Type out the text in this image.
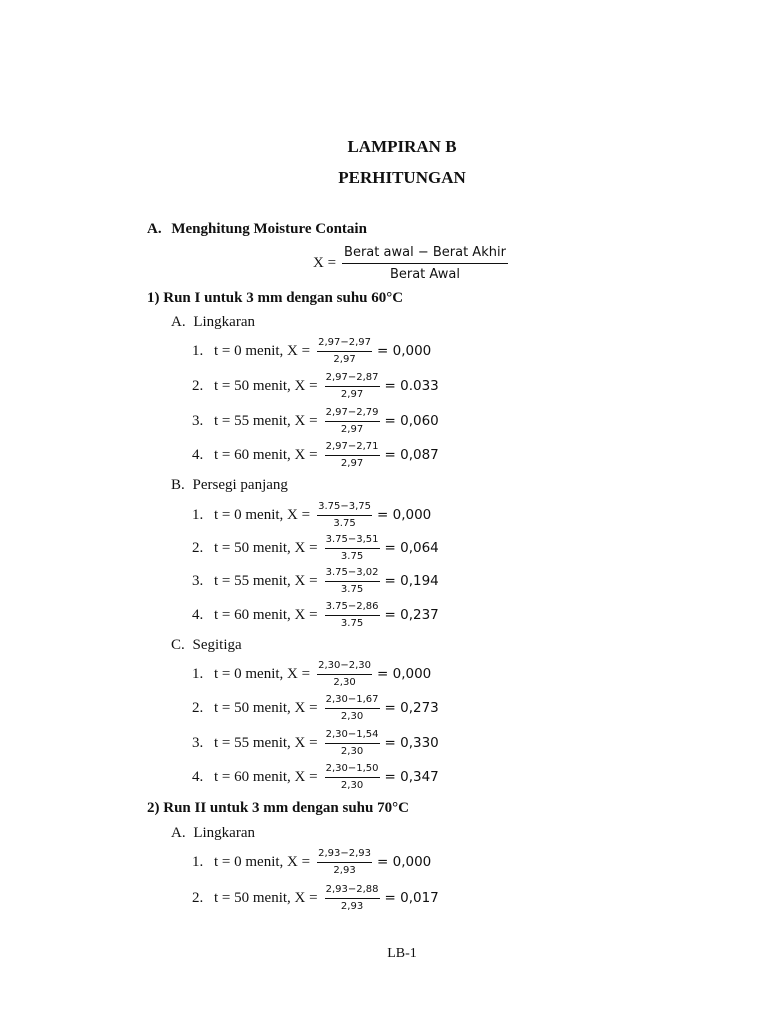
LAMPIRAN B
PERHITUNGAN
A. Menghitung Moisture Contain
X =
Berat awal − Berat Akhir
Berat Awal
1) Run I untuk 3 mm dengan suhu 60°C
A. Lingkaran
1. t = 0 menit, $X = \frac{2,97-2,97}{2,97} = 0,000$
2. t = 50 menit, $X = \frac{2,97-2,87}{2,97} = 0.033$
3. t = 55 menit, $X = \frac{2,97-2,79}{2,97} = 0,060$
4. t = 60 menit, $X = \frac{2,97-2,71}{2,97} = 0,087$
B. Persegi panjang
1. t = 0 menit, $X = \frac{3.75-3,75}{3.75} = 0,000$
2. t = 50 menit, $X = \frac{3.75-3,51}{3.75} = 0,064$
3. t = 55 menit, $X = \frac{3.75-3,02}{3.75} = 0,194$
4. t = 60 menit, $X = \frac{3.75-2,86}{3.75} = 0,237$
C. Segitiga
1. t = 0 menit, $X = \frac{2,30-2,30}{2,30} = 0,000$
2. t = 50 menit, $X = \frac{2,30-1,67}{2,30} = 0,273$
3. t = 55 menit, $X = \frac{2,30-1,54}{2,30} = 0,330$
4. t = 60 menit, $X = \frac{2,30-1,50}{2,30} = 0,347$
2) Run II untuk 3 mm dengan suhu 70°C
A. Lingkaran
1. t = 0 menit, $X = \frac{2,93-2,93}{2,93} = 0,000$
2. t = 50 menit, $X = \frac{2,93-2,88}{2,93} = 0,017$
LB-1
